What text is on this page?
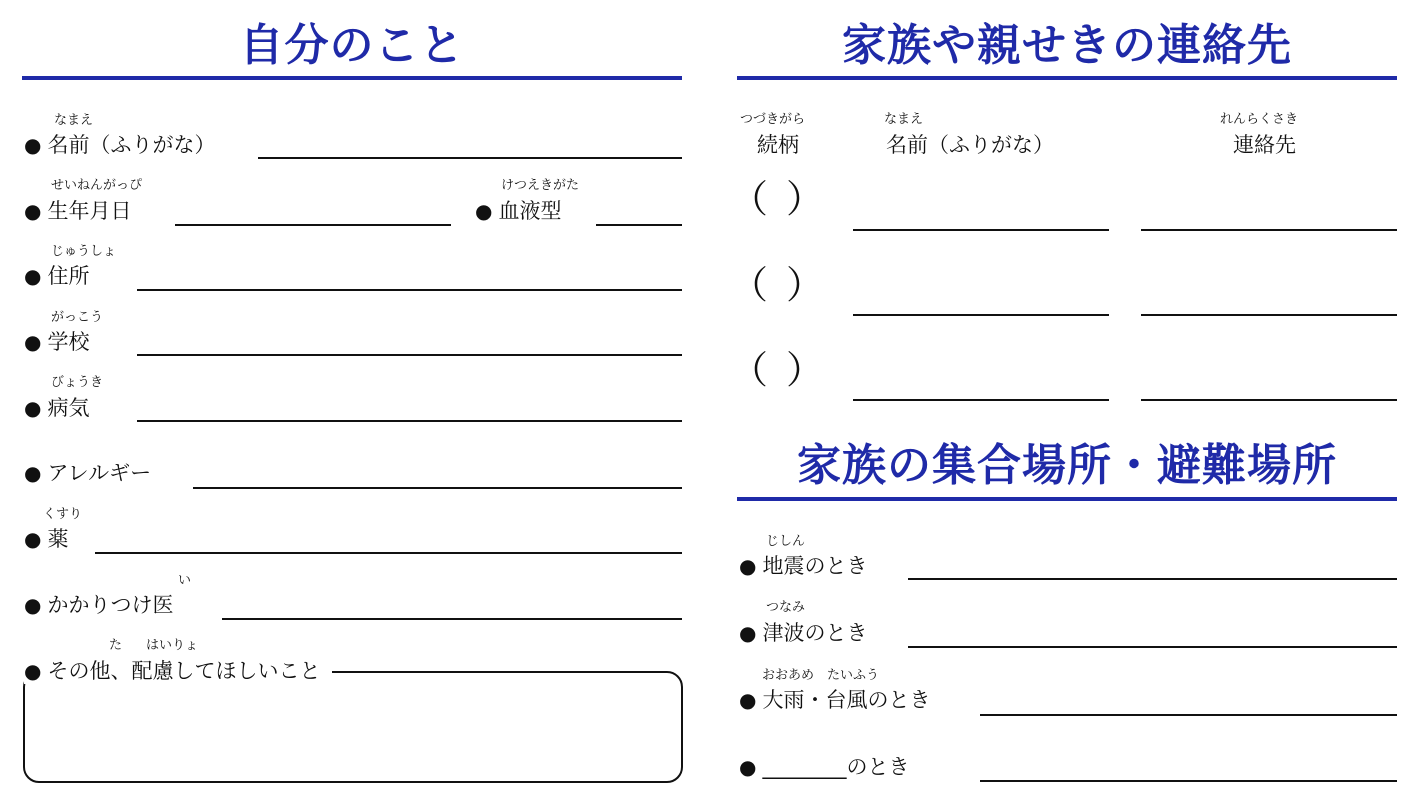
自分のこと
なまえ
● 名前（ふりがな）
せいねんがっぴ
● 生年月日
けつえきがた
● 血液型
じゅうしょ
● 住所
がっこう
● 学校
びょうき
● 病気
● アレルギー
くすり
● 薬
い
● かかりつけ医
た はいりょ
● その他、配慮してほしいこと
家族や親せきの連絡先
つづきがら
続柄
なまえ
名前（ふりがな）
れんらくさき
連絡先
（ ）
（ ）
（ ）
家族の集合場所・避難場所
じしん
● 地震のとき
つなみ
● 津波のとき
おおあめ　たいふう
● 大雨・台風のとき
● ________のとき
